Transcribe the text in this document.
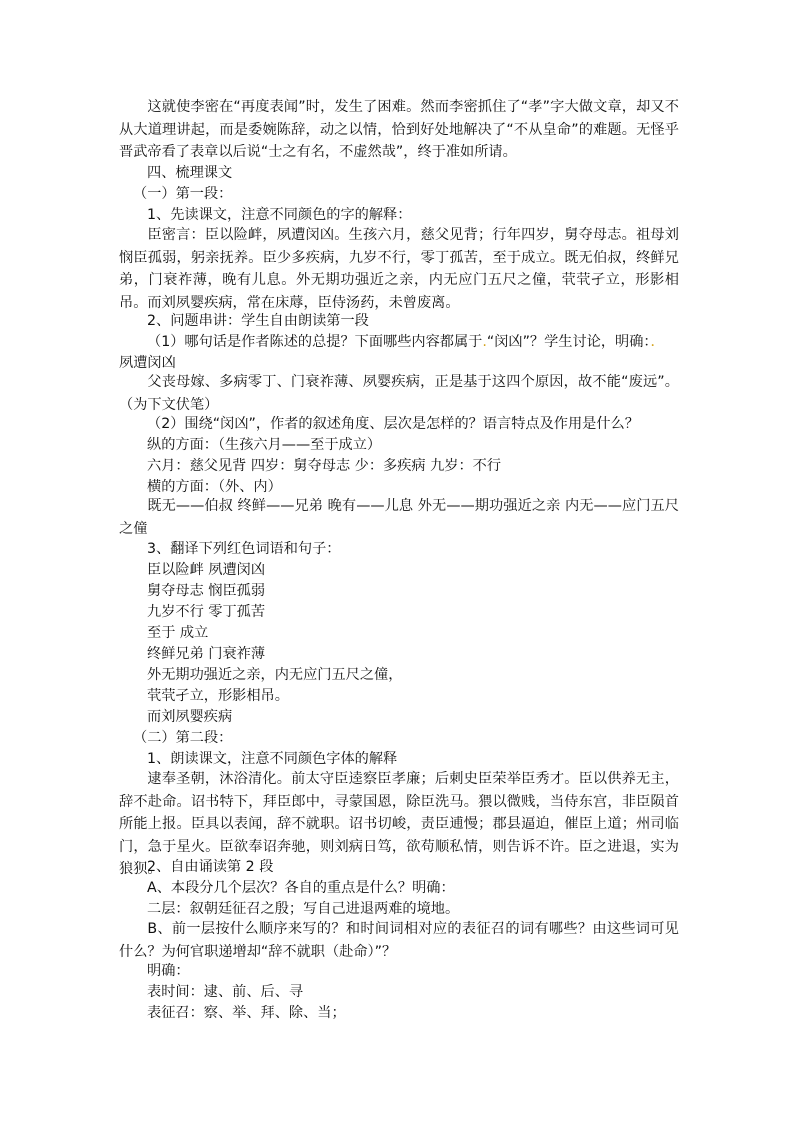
这就使李密在“再度表闻”时，发生了困难。然而李密抓住了“孝”字大做文章，却又不从大道理讲起，而是委婉陈辞，动之以情，恰到好处地解决了“不从皇命”的难题。无怪乎晋武帝看了表章以后说“士之有名，不虚然哉”，终于准如所请。
四、梳理课文
（一）第一段：
1、先读课文，注意不同颜色的字的解释：
臣密言：臣以险衅，夙遭闵凶。生孩六月，慈父见背；行年四岁，舅夺母志。祖母刘悯臣孤弱，躬亲抚养。臣少多疾病，九岁不行，零丁孤苦，至于成立。既无伯叔，终鲜兄弟，门衰祚薄，晚有儿息。外无期功强近之亲，内无应门五尺之僮，茕茕孑立，形影相吊。而刘夙婴疾病，常在床蓐，臣侍汤药，未曾废离。
2、问题串讲：学生自由朗读第一段
（1）哪句话是作者陈述的总提？下面哪些内容都属于.“闵凶”？学生讨论，明确：．
夙遭闵凶
父丧母嫁、多病零丁、门衰祚薄、夙婴疾病，正是基于这四个原因，故不能“废远”。（为下文伏笔）
（2）围绕“闵凶”，作者的叙述角度、层次是怎样的？语言特点及作用是什么？
纵的方面：（生孩六月——至于成立）
六月：慈父见背 四岁：舅夺母志 少：多疾病 九岁：不行
横的方面：（外、内）
既无——伯叔 终鲜——兄弟 晚有——儿息 外无——期功强近之亲 内无——应门五尺之僮
3、翻译下列红色词语和句子：
臣以险衅 夙遭闵凶
舅夺母志 悯臣孤弱
九岁不行 零丁孤苦
至于 成立
终鲜兄弟 门衰祚薄
外无期功强近之亲，内无应门五尺之僮，
茕茕孑立，形影相吊。
而刘夙婴疾病
（二）第二段：
1、朗读课文，注意不同颜色字体的解释
逮奉圣朝，沐浴清化。前太守臣逵察臣孝廉；后刺史臣荣举臣秀才。臣以供养无主，辞不赴命。诏书特下，拜臣郎中，寻蒙国恩，除臣洗马。猥以微贱，当侍东宫，非臣陨首所能上报。臣具以表闻，辞不就职。诏书切峻，责臣逋慢；郡县逼迫，催臣上道；州司临门，急于星火。臣欲奉诏奔驰，则刘病日笃，欲苟顺私情，则告诉不许。臣之进退，实为狼狈。
2、自由诵读第 2 段
A、本段分几个层次？各自的重点是什么？明确：
二层：叙朝廷征召之殷；写自己进退两难的境地。
B、前一层按什么顺序来写的？和时间词相对应的表征召的词有哪些？由这些词可见什么？为何官职递增却“辞不就职（赴命）”？
明确：
表时间：逮、前、后、寻
表征召：察、举、拜、除、当；
